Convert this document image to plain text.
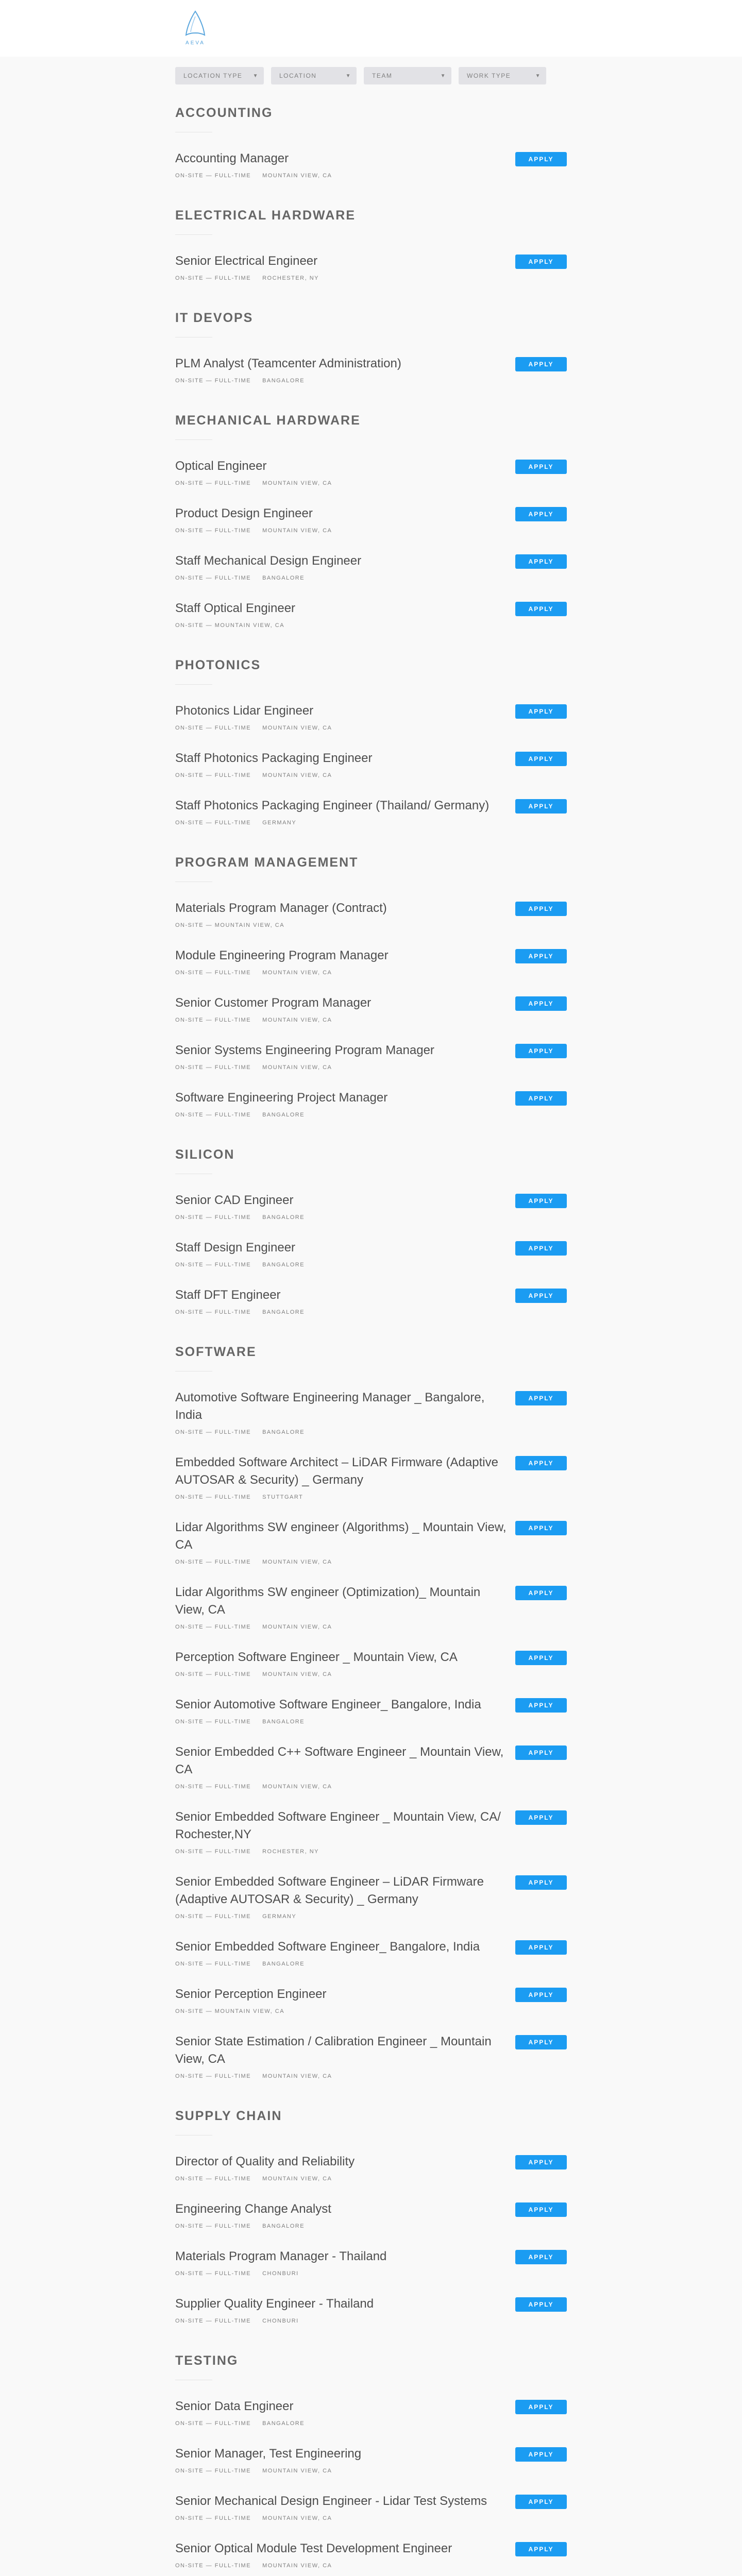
AEVA
LOCATION TYPE ▼	LOCATION	▼	TEAM	▼	WORK TYPE	▼
ACCOUNTING
Accounting Manager
ON-SITE — FULL-TIME MOUNTAIN VIEW, CA
APPLY
ELECTRICAL HARDWARE
Senior Electrical Engineer
ON-SITE — FULL-TIME ROCHESTER, NY
APPLY
IT DEVOPS
PLM Analyst (Teamcenter Administration)
ON-SITE — FULL-TIME BANGALORE
APPLY
MECHANICAL HARDWARE
Optical Engineer
ON-SITE — FULL-TIME MOUNTAIN VIEW, CA
APPLY
Product Design Engineer
ON-SITE — FULL-TIME MOUNTAIN VIEW, CA
APPLY
Staff Mechanical Design Engineer
ON-SITE — FULL-TIME BANGALORE
APPLY
Staff Optical Engineer
ON-SITE — MOUNTAIN VIEW, CA
APPLY
PHOTONICS
Photonics Lidar Engineer
ON-SITE — FULL-TIME MOUNTAIN VIEW, CA
APPLY
Staff Photonics Packaging Engineer
ON-SITE — FULL-TIME MOUNTAIN VIEW, CA
APPLY
Staff Photonics Packaging Engineer (Thailand/ Germany)
ON-SITE — FULL-TIME GERMANY
APPLY
PROGRAM MANAGEMENT
Materials Program Manager (Contract)
ON-SITE — MOUNTAIN VIEW, CA
APPLY
Module Engineering Program Manager
ON-SITE — FULL-TIME MOUNTAIN VIEW, CA
APPLY
Senior Customer Program Manager
ON-SITE — FULL-TIME MOUNTAIN VIEW, CA
APPLY
Senior Systems Engineering Program Manager
ON-SITE — FULL-TIME MOUNTAIN VIEW, CA
APPLY
Software Engineering Project Manager
ON-SITE — FULL-TIME BANGALORE
APPLY
SILICON
Senior CAD Engineer
ON-SITE — FULL-TIME BANGALORE
APPLY
Staff Design Engineer
ON-SITE — FULL-TIME BANGALORE
APPLY
Staff DFT Engineer
ON-SITE — FULL-TIME BANGALORE
APPLY
SOFTWARE
Automotive Software Engineering Manager _ Bangalore, India
ON-SITE — FULL-TIME BANGALORE
APPLY
Embedded Software Architect – LiDAR Firmware (Adaptive AUTOSAR & Security) _ Germany
ON-SITE — FULL-TIME STUTTGART
APPLY
Lidar Algorithms SW engineer (Algorithms) _ Mountain View, CA
ON-SITE — FULL-TIME MOUNTAIN VIEW, CA
APPLY
Lidar Algorithms SW engineer (Optimization)_ Mountain View, CA
ON-SITE — FULL-TIME MOUNTAIN VIEW, CA
APPLY
Perception Software Engineer _ Mountain View, CA
ON-SITE — FULL-TIME MOUNTAIN VIEW, CA
APPLY
Senior Automotive Software Engineer_ Bangalore, India
ON-SITE — FULL-TIME BANGALORE
APPLY
Senior Embedded C++ Software Engineer _ Mountain View, CA
ON-SITE — FULL-TIME MOUNTAIN VIEW, CA
APPLY
Senior Embedded Software Engineer _ Mountain View, CA/ Rochester,NY
ON-SITE — FULL-TIME ROCHESTER, NY
APPLY
Senior Embedded Software Engineer – LiDAR Firmware (Adaptive AUTOSAR & Security) _ Germany
ON-SITE — FULL-TIME GERMANY
APPLY
Senior Embedded Software Engineer_ Bangalore, India
ON-SITE — FULL-TIME BANGALORE
APPLY
Senior Perception Engineer
ON-SITE — MOUNTAIN VIEW, CA
APPLY
Senior State Estimation / Calibration Engineer _ Mountain View, CA
ON-SITE — FULL-TIME MOUNTAIN VIEW, CA
APPLY
SUPPLY CHAIN
Director of Quality and Reliability
ON-SITE — FULL-TIME MOUNTAIN VIEW, CA
APPLY
Engineering Change Analyst
ON-SITE — FULL-TIME BANGALORE
APPLY
Materials Program Manager - Thailand
ON-SITE — FULL-TIME CHONBURI
APPLY
Supplier Quality Engineer - Thailand
ON-SITE — FULL-TIME CHONBURI
APPLY
TESTING
Senior Data Engineer
ON-SITE — FULL-TIME BANGALORE
APPLY
Senior Manager, Test Engineering
ON-SITE — FULL-TIME MOUNTAIN VIEW, CA
APPLY
Senior Mechanical Design Engineer - Lidar Test Systems
ON-SITE — FULL-TIME MOUNTAIN VIEW, CA
APPLY
Senior Optical Module Test Development Engineer
ON-SITE — FULL-TIME MOUNTAIN VIEW, CA
APPLY
